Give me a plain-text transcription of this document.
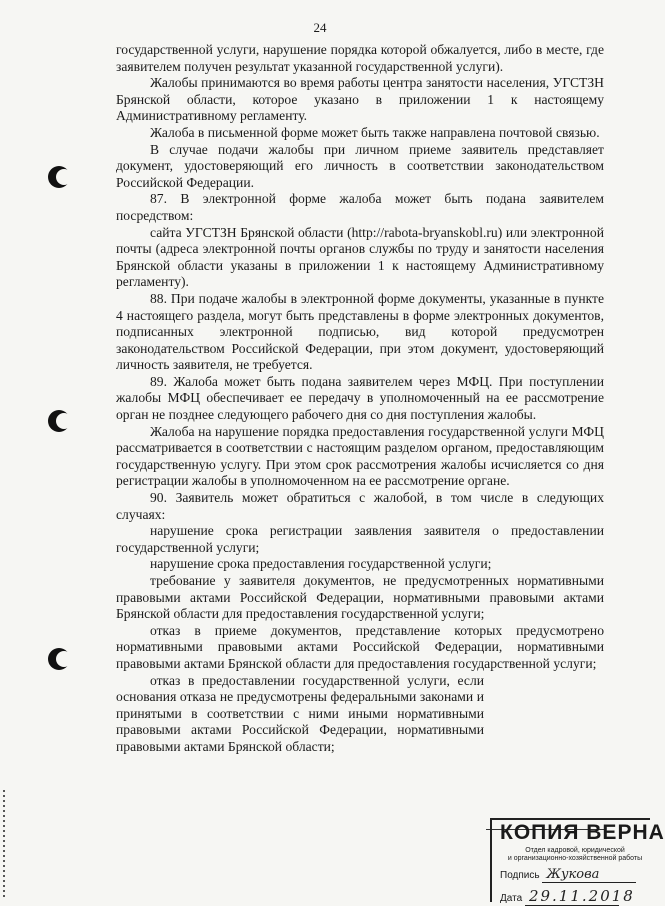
24

государственной услуги, нарушение порядка которой обжалуется, либо в месте, где заявителем получен результат указанной государственной услуги).

Жалобы принимаются во время работы центра занятости населения, УГСТЗН Брянской области, которое указано в приложении 1 к настоящему Административному регламенту.

Жалоба в письменной форме может быть также направлена почтовой связью.

В случае подачи жалобы при личном приеме заявитель представляет документ, удостоверяющий его личность в соответствии законодательством Российской Федерации.

87. В электронной форме жалоба может быть подана заявителем посредством:

сайта УГСТЗН Брянской области (http://rabota-bryanskobl.ru) или электронной почты (адреса электронной почты органов службы по труду и занятости населения Брянской области указаны в приложении 1 к настоящему Административному регламенту).

88. При подаче жалобы в электронной форме документы, указанные в пункте 4 настоящего раздела, могут быть представлены в форме электронных документов, подписанных электронной подписью, вид которой предусмотрен законодательством Российской Федерации, при этом документ, удостоверяющий личность заявителя, не требуется.

89. Жалоба может быть подана заявителем через МФЦ. При поступлении жалобы МФЦ обеспечивает ее передачу в уполномоченный на ее рассмотрение орган не позднее следующего рабочего дня со дня поступления жалобы.

Жалоба на нарушение порядка предоставления государственной услуги МФЦ рассматривается в соответствии с настоящим разделом органом, предоставляющим государственную услугу. При этом срок рассмотрения жалобы исчисляется со дня регистрации жалобы в уполномоченном на ее рассмотрение органе.

90. Заявитель может обратиться с жалобой, в том числе в следующих случаях:

нарушение срока регистрации заявления заявителя о предоставлении государственной услуги;

нарушение срока предоставления государственной услуги;

требование у заявителя документов, не предусмотренных нормативными правовыми актами Российской Федерации, нормативными правовыми актами Брянской области для предоставления государственной услуги;

отказ в приеме документов, представление которых предусмотрено нормативными правовыми актами Российской Федерации, нормативными правовыми актами Брянской области для предоставления государственной услуги;

отказ в предоставлении государственной услуги, если основания отказа не предусмотрены федеральными законами и принятыми в соответствии с ними иными нормативными правовыми актами Российской Федерации, нормативными правовыми актами Брянской области;

КОПИЯ ВЕРНА
Отдел кадровой, юридической
и организационно-хозяйственной работы
Подпись Жукова
Дата 29.11.2018
